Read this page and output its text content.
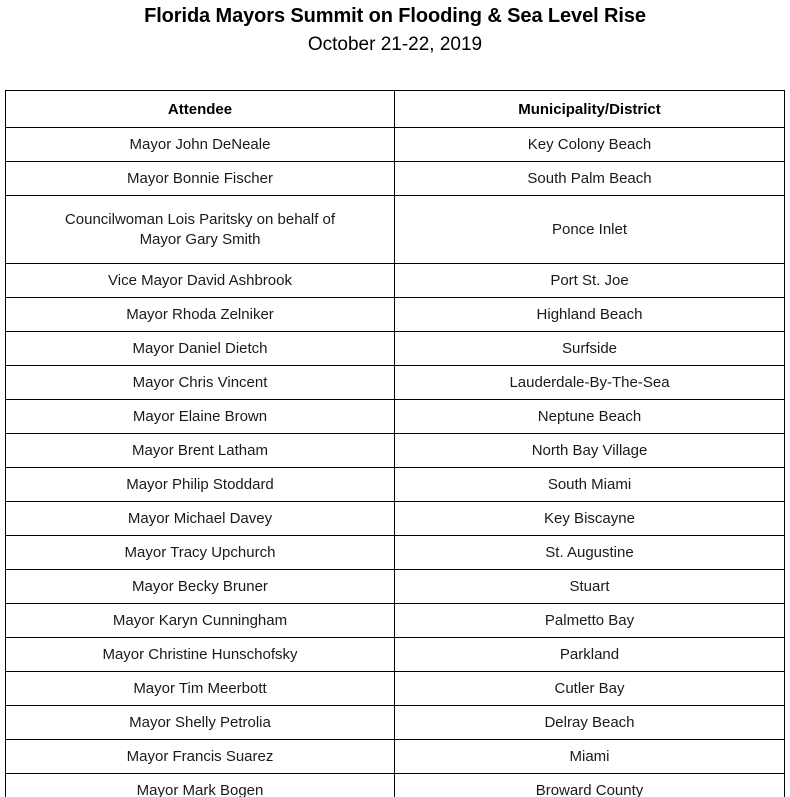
Florida Mayors Summit on Flooding & Sea Level Rise
October 21-22, 2019
Attendee	Municipality/District
Mayor John DeNeale	Key Colony Beach
Mayor Bonnie Fischer	South Palm Beach

Councilwoman Lois Paritsky on behalf of
Mayor Gary Smith	Ponce Inlet
Vice Mayor David Ashbrook	Port St. Joe
Mayor Rhoda Zelniker	Highland Beach
Mayor Daniel Dietch	Surfside
Mayor Chris Vincent	Lauderdale-By-The-Sea
Mayor Elaine Brown	Neptune Beach
Mayor Brent Latham	North Bay Village
Mayor Philip Stoddard	South Miami
Mayor Michael Davey	Key Biscayne
Mayor Tracy Upchurch	St. Augustine
Mayor Becky Bruner	Stuart
Mayor Karyn Cunningham	Palmetto Bay
Mayor Christine Hunschofsky	Parkland
Mayor Tim Meerbott	Cutler Bay
Mayor Shelly Petrolia	Delray Beach
Mayor Francis Suarez	Miami
Mayor Mark Bogen	Broward County
